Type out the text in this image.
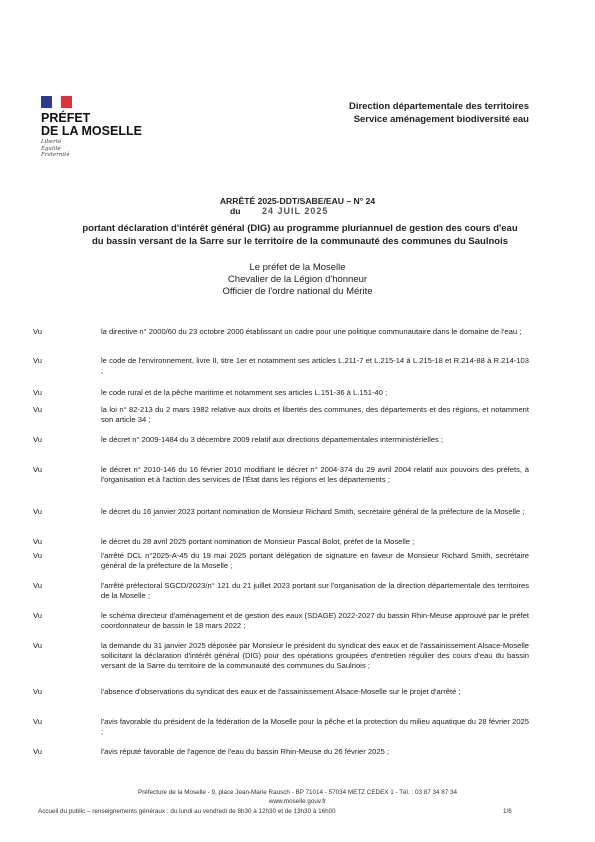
PRÉFET
DE LA MOSELLE
Liberté
Égalité
Fraternité
Direction départementale des territoires
Service aménagement biodiversité eau
ARRÊTÉ 2025-DDT/SABE/EAU – N° 24
du 24 JUIL 2025
portant déclaration d'intérêt général (DIG) au programme pluriannuel de gestion des cours d'eau
du bassin versant de la Sarre sur le territoire de la communauté des communes du Saulnois
Le préfet de la Moselle
Chevalier de la Légion d'honneur
Officier de l'ordre national du Mérite
Vu	la directive n° 2000/60 du 23 octobre 2000 établissant un cadre pour une politique communautaire dans le domaine de l'eau ;
Vu	le code de l'environnement, livre II, titre 1er et notamment ses articles L.211-7 et L.215-14 à L.215-18 et R.214-88 à R.214-103 ;
Vu	le code rural et de la pêche maritime et notamment ses articles L.151-36 à L.151-40 ;
Vu	la loi n° 82-213 du 2 mars 1982 relative aux droits et libertés des communes, des départements et des régions, et notamment son article 34 ;
Vu	le décret n° 2009-1484 du 3 décembre 2009 relatif aux directions départementales interministérielles ;
Vu	le décret n° 2010-146 du 16 février 2010 modifiant le décret n° 2004-374 du 29 avril 2004 relatif aux pouvoirs des préfets, à l'organisation et à l'action des services de l'État dans les régions et les départements ;
Vu	le décret du 16 janvier 2023 portant nomination de Monsieur Richard Smith, secrétaire général de la préfecture de la Moselle ;
Vu	le décret du 28 avril 2025 portant nomination de Monsieur Pascal Bolot, préfet de la Moselle ;
Vu	l'arrêté DCL n°2025-A-45 du 19 mai 2025 portant délégation de signature en faveur de Monsieur Richard Smith, secrétaire général de la préfecture de la Moselle ;
Vu	l'arrêté préfectoral SGCD/2023/n° 121 du 21 juillet 2023 portant sur l'organisation de la direction départementale des territoires de la Moselle ;
Vu	le schéma directeur d'aménagement et de gestion des eaux (SDAGE) 2022-2027 du bassin Rhin-Meuse approuvé par le préfet coordonnateur de bassin le 18 mars 2022 ;
Vu	la demande du 31 janvier 2025 déposée par Monsieur le président du syndicat des eaux et de l'assainissement Alsace-Moselle sollicitant la déclaration d'intérêt général (DIG) pour des opérations groupées d'entretien régulier des cours d'eau du bassin versant de la Sarre du territoire de la communauté des communes du Saulnois ;
Vu	l'absence d'observations du syndicat des eaux et de l'assainissement Alsace-Moselle sur le projet d'arrêté ;
Vu	l'avis favorable du président de la fédération de la Moselle pour la pêche et la protection du milieu aquatique du 28 février 2025 ;
Vu	l'avis réputé favorable de l'agence de l'eau du bassin Rhin-Meuse du 26 février 2025 ;
Préfecture de la Moselle - 9, place Jean-Marie Rausch - BP 71014 - 57034 METZ CEDEX 1 - Tél. : 03 87 34 87 34
www.moselle.gouv.fr
Accueil du public – renseignements généraux : du lundi au vendredi de 8h30 à 12h30 et de 13h30 à 16h00	1/6
